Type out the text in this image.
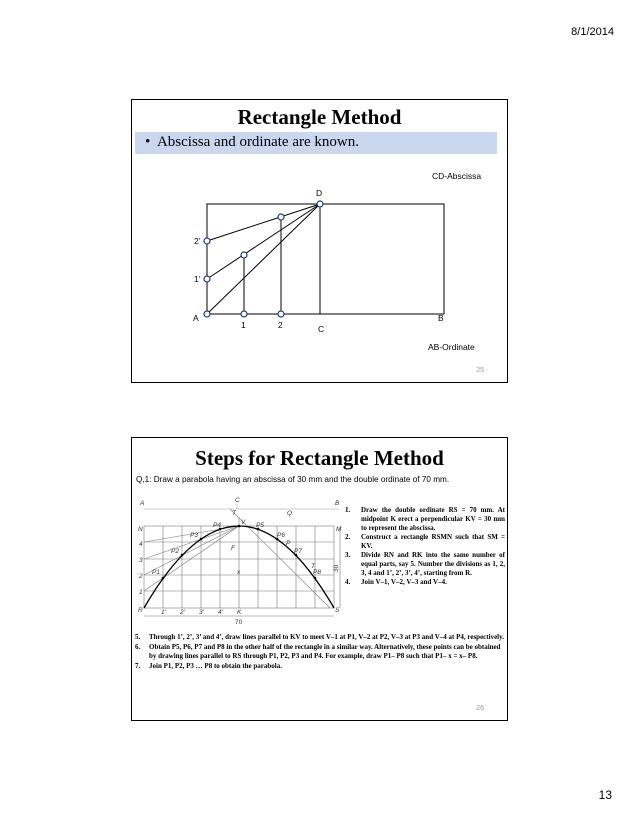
8/1/2014
Rectangle Method
• Abscissa and ordinate are known.
CD-Abscissa
D
A	B
C
1	2
1’
2’
AB-Ordinate
25
Steps for Rectangle Method
Q,1: Draw a parabola having an abscissa of 30 mm and the double ordinate of 70 mm.
A	B
C
T	Q
N	M
V
P4	P5
P3	P6
P
P2	F	P7
T
P8
P1	x
4
3
2
1
R	S
1' 2' 3' 4' K
70
30
1. Draw the double ordinate RS = 70 mm. At midpoint K erect a perpendicular KV = 30 mm to represent the abscissa.
2. Construct a rectangle RSMN such that SM = KV.
3. Divide RN and RK into the same number of equal parts, say 5. Number the divisions as 1, 2, 3, 4 and 1’, 2’, 3’, 4’, starting from R.
4. Join V–1, V–2, V–3 and V–4.
5. Through 1’, 2’, 3’ and 4’, draw lines parallel to KV to meet V–1 at P1, V–2 at P2, V–3 at P3 and V–4 at P4, respectively.
6. Obtain P5, P6, P7 and P8 in the other half of the rectangle in a similar way. Alternatively, these points can be obtained by drawing lines parallel to RS through P1, P2, P3 and P4. For example, draw P1– P8 such that P1– x = x– P8.
7. Join P1, P2, P3 … P8 to obtain the parabola.
26
13
